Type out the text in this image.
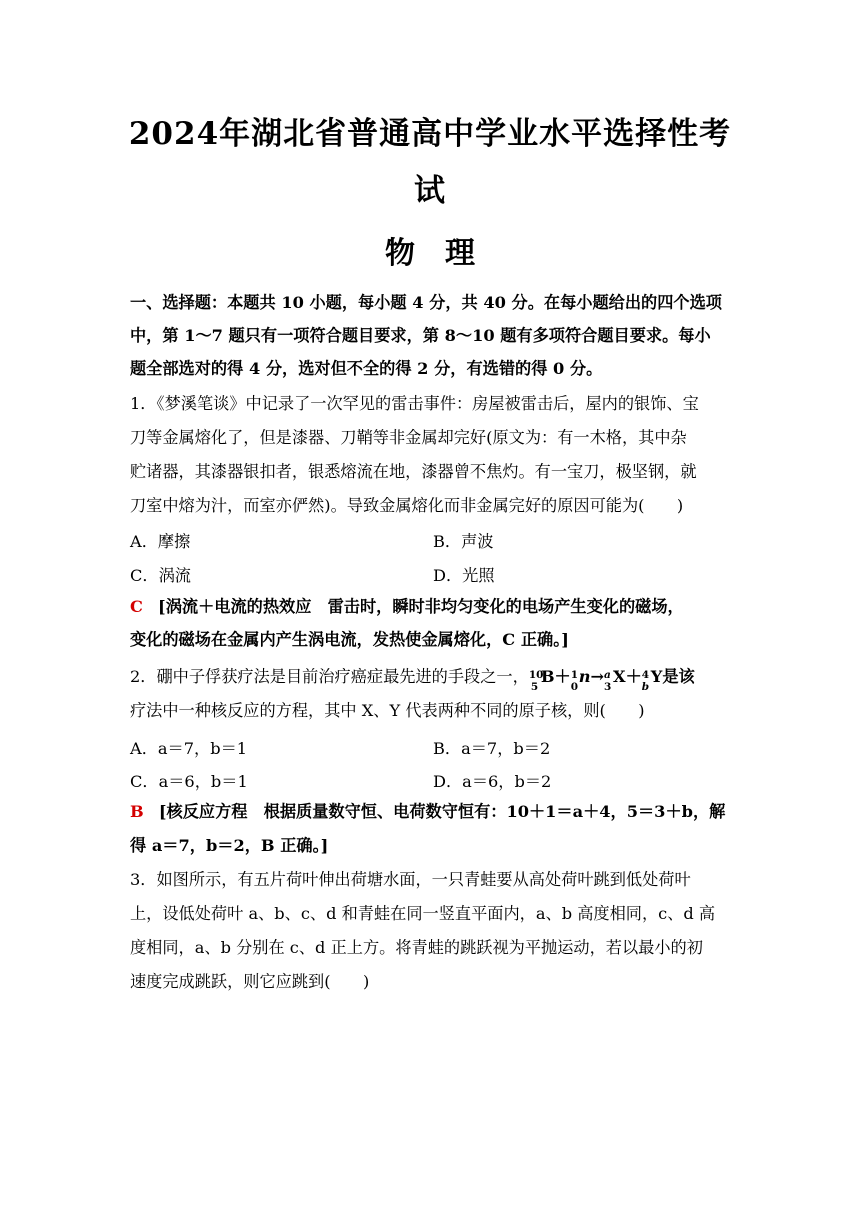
2024年湖北省普通高中学业水平选择性考
试
物　理
一、选择题：本题共 10 小题，每小题 4 分，共 40 分。在每小题给出的四个选项
中，第 1～7 题只有一项符合题目要求，第 8～10 题有多项符合题目要求。每小
题全部选对的得 4 分，选对但不全的得 2 分，有选错的得 0 分。
1．《梦溪笔谈》中记录了一次罕见的雷击事件：房屋被雷击后，屋内的银饰、宝
刀等金属熔化了，但是漆器、刀鞘等非金属却完好(原文为：有一木格，其中杂
贮诸器，其漆器银扣者，银悉熔流在地，漆器曾不焦灼。有一宝刀，极坚钢，就
刀室中熔为汁，而室亦俨然)。导致金属熔化而非金属完好的原因可能为(　　)
A．摩擦	B．声波
C．涡流	D．光照
C [涡流＋电流的热效应　雷击时，瞬时非均匀变化的电场产生变化的磁场，
变化的磁场在金属内产生涡电流，发热使金属熔化，C 正确。]
2．硼中子俘获疗法是目前治疗癌症最先进的手段之一， 10
5
B＋ 1
0
n→ a
3
X＋ 4
b
Y是该
疗法中一种核反应的方程，其中 X、Y 代表两种不同的原子核，则(　　)
A．a＝7，b＝1	B．a＝7，b＝2
C．a＝6，b＝1	D．a＝6，b＝2
B [核反应方程　根据质量数守恒、电荷数守恒有：10＋1＝a＋4，5＝3＋b，解
得 a＝7，b＝2，B 正确。]
3．如图所示，有五片荷叶伸出荷塘水面，一只青蛙要从高处荷叶跳到低处荷叶
上，设低处荷叶 a、b、c、d 和青蛙在同一竖直平面内，a、b 高度相同，c、d 高
度相同，a、b 分别在 c、d 正上方。将青蛙的跳跃视为平抛运动，若以最小的初
速度完成跳跃，则它应跳到(　　)
